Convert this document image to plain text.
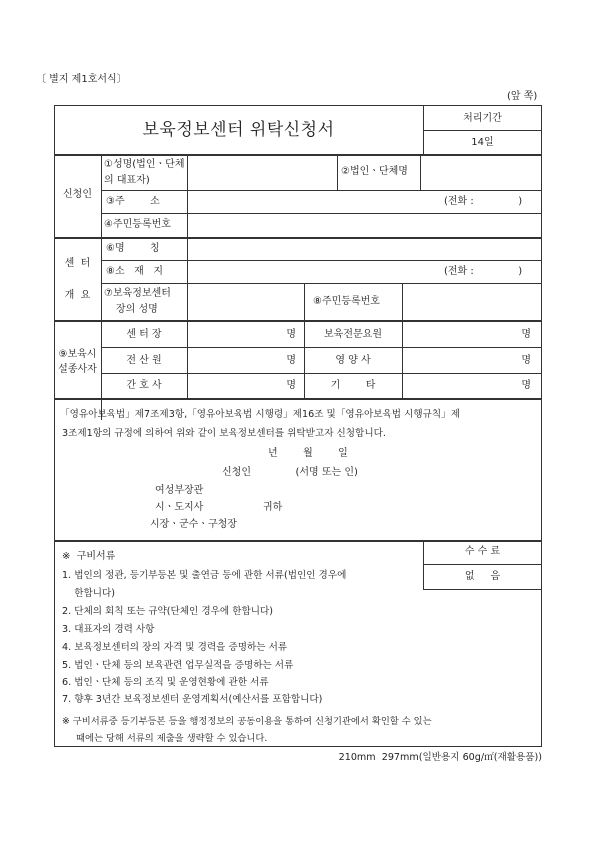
〔 별지 제1호서식〕
(앞 쪽)
보육정보센터 위탁신청서
처리기간
14일
신청인
①성명(법인ㆍ단체의 대표자)
②법인ㆍ단체명
③주        소	(전화 :              )
④주민등록번호
센  터
개  요
⑥명        칭
⑧소   재   지	(전화 :              )
⑦보육정보센터
장의 성명
⑧주민등록번호
⑨보육시
설종사자
센 터 장	명	보육전문요원	명
전 산 원	명	영 양 사	명
간 호 사	명	기        타	명
「영유아보육법」제7조제3항,「영유아보육법 시행령」제16조 및「영유아보육법 시행규칙」제
3조제1항의 규정에 의하여 위와 같이 보육정보센터를 위탁받고자 신청합니다.
년        월        일
신청인              (서명 또는 인)
여성부장관
시ㆍ도지사	귀하
시장ㆍ군수ㆍ구청장
수 수 료
없     음
※  구비서류
1. 법인의 정관, 등기부등본 및 출연금 등에 관한 서류(법인인 경우에
한합니다)
2. 단체의 회칙 또는 규약(단체인 경우에 한합니다)
3. 대표자의 경력 사항
4. 보육정보센터의 장의 자격 및 경력을 증명하는 서류
5. 법인ㆍ단체 등의 보육관련 업무실적을 증명하는 서류
6. 법인ㆍ단체 등의 조직 및 운영현황에 관한 서류
7. 향후 3년간 보육정보센터 운영계획서(예산서를 포함합니다)
※ 구비서류중 등기부등본 등을 행정정보의 공동이용을 통하여 신청기관에서 확인할 수 있는
때에는 당해 서류의 제출을 생략할 수 있습니다.
210mm  297mm(일반용지 60g/㎡(재활용품))
